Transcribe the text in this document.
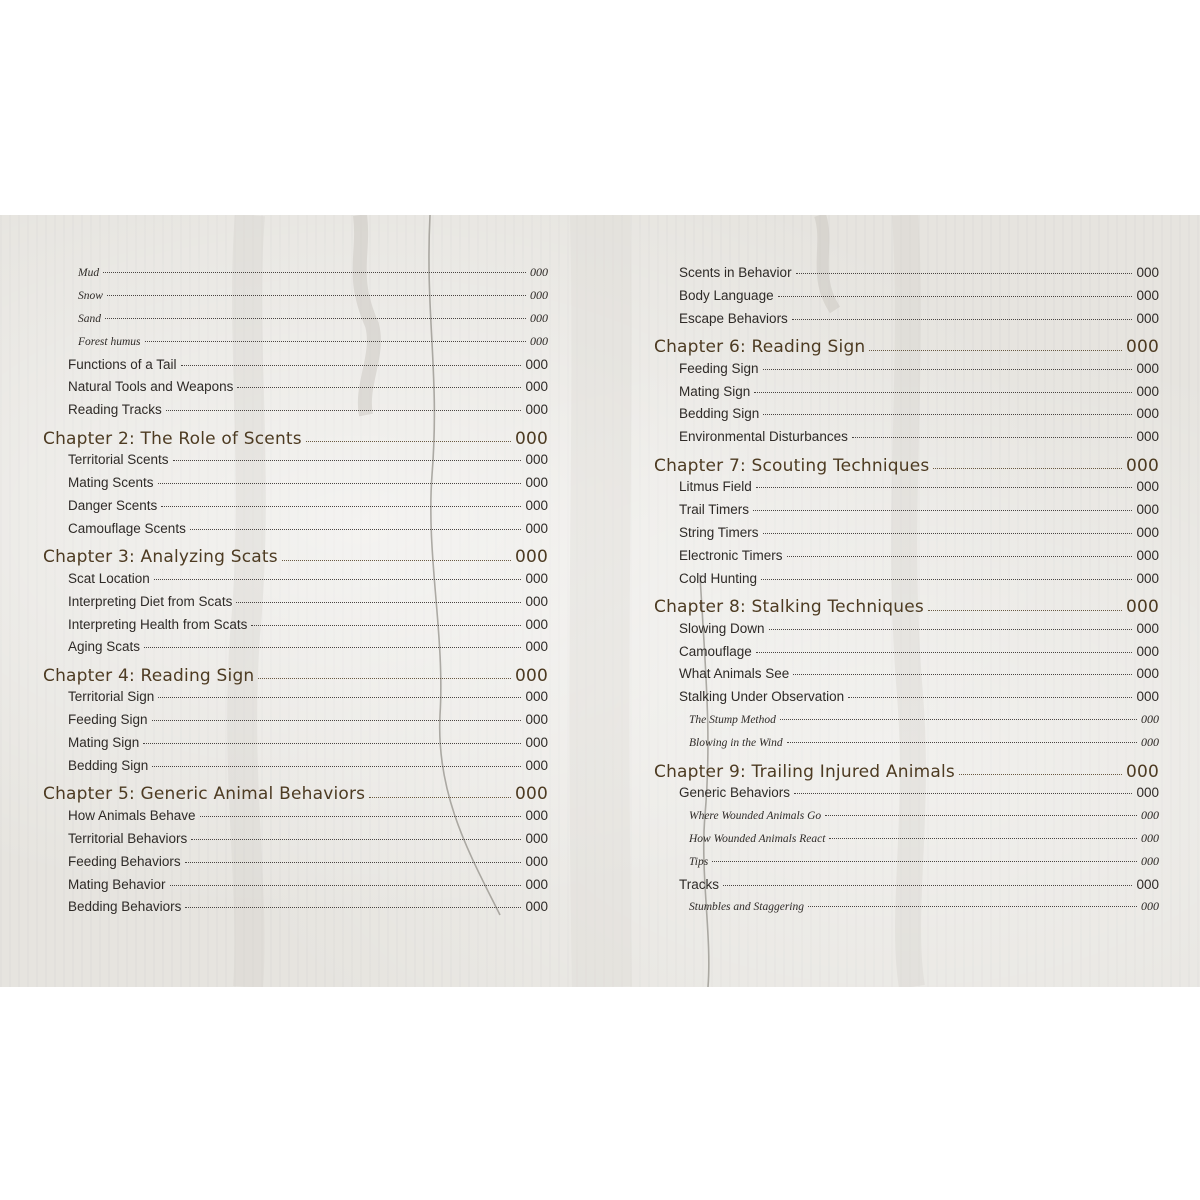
Mud	000
Snow	000
Sand	000
Forest humus	000
Functions of a Tail	000
Natural Tools and Weapons	000
Reading Tracks	000
Chapter 2: The Role of Scents	000
Territorial Scents	000
Mating Scents	000
Danger Scents	000
Camouflage Scents	000
Chapter 3: Analyzing Scats	000
Scat Location	000
Interpreting Diet from Scats	000
Interpreting Health from Scats	000
Aging Scats	000
Chapter 4: Reading Sign	000
Territorial Sign	000
Feeding Sign	000
Mating Sign	000
Bedding Sign	000
Chapter 5: Generic Animal Behaviors	000
How Animals Behave	000
Territorial Behaviors	000
Feeding Behaviors	000
Mating Behavior	000
Bedding Behaviors	000
Scents in Behavior	000
Body Language	000
Escape Behaviors	000
Chapter 6: Reading Sign	000
Feeding Sign	000
Mating Sign	000
Bedding Sign	000
Environmental Disturbances	000
Chapter 7: Scouting Techniques	000
Litmus Field	000
Trail Timers	000
String Timers	000
Electronic Timers	000
Cold Hunting	000
Chapter 8: Stalking Techniques	000
Slowing Down	000
Camouflage	000
What Animals See	000
Stalking Under Observation	000
The Stump Method	000
Blowing in the Wind	000
Chapter 9: Trailing Injured Animals	000
Generic Behaviors	000
Where Wounded Animals Go	000
How Wounded Animals React	000
Tips	000
Tracks	000
Stumbles and Staggering	000
